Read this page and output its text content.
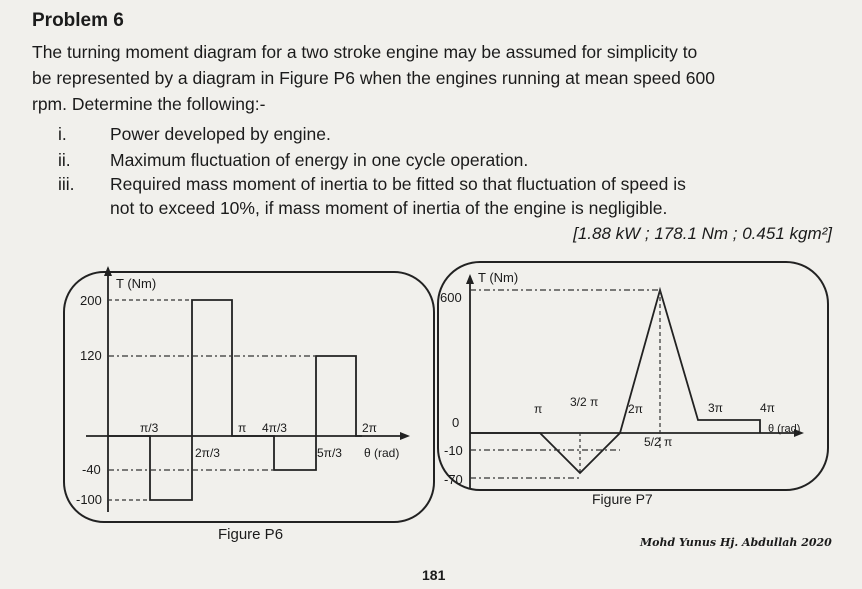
Problem 6
The turning moment diagram for a two stroke engine may be assumed for simplicity to
be represented by a diagram in Figure P6 when the engines running at mean speed 600
rpm. Determine the following:-
i. Power developed by engine.
ii. Maximum fluctuation of energy in one cycle operation.
iii. Required mass moment of inertia to be fitted so that fluctuation of speed is
not to exceed 10%, if mass moment of inertia of the engine is negligible.
[1.88 kW ; 178.1 Nm ; 0.451 kgm²]
T (Nm)
200
120
-40
-100
π/3
2π/3
π 4π/3
5π/3
2π
θ (rad)
T (Nm)
600
0
-10
-70
π 3/2 π 2π
5/2 π
3π	4π
θ (rad)
Figure P6
Figure P7
Mohd Yunus Hj. Abdullah 2020
181
